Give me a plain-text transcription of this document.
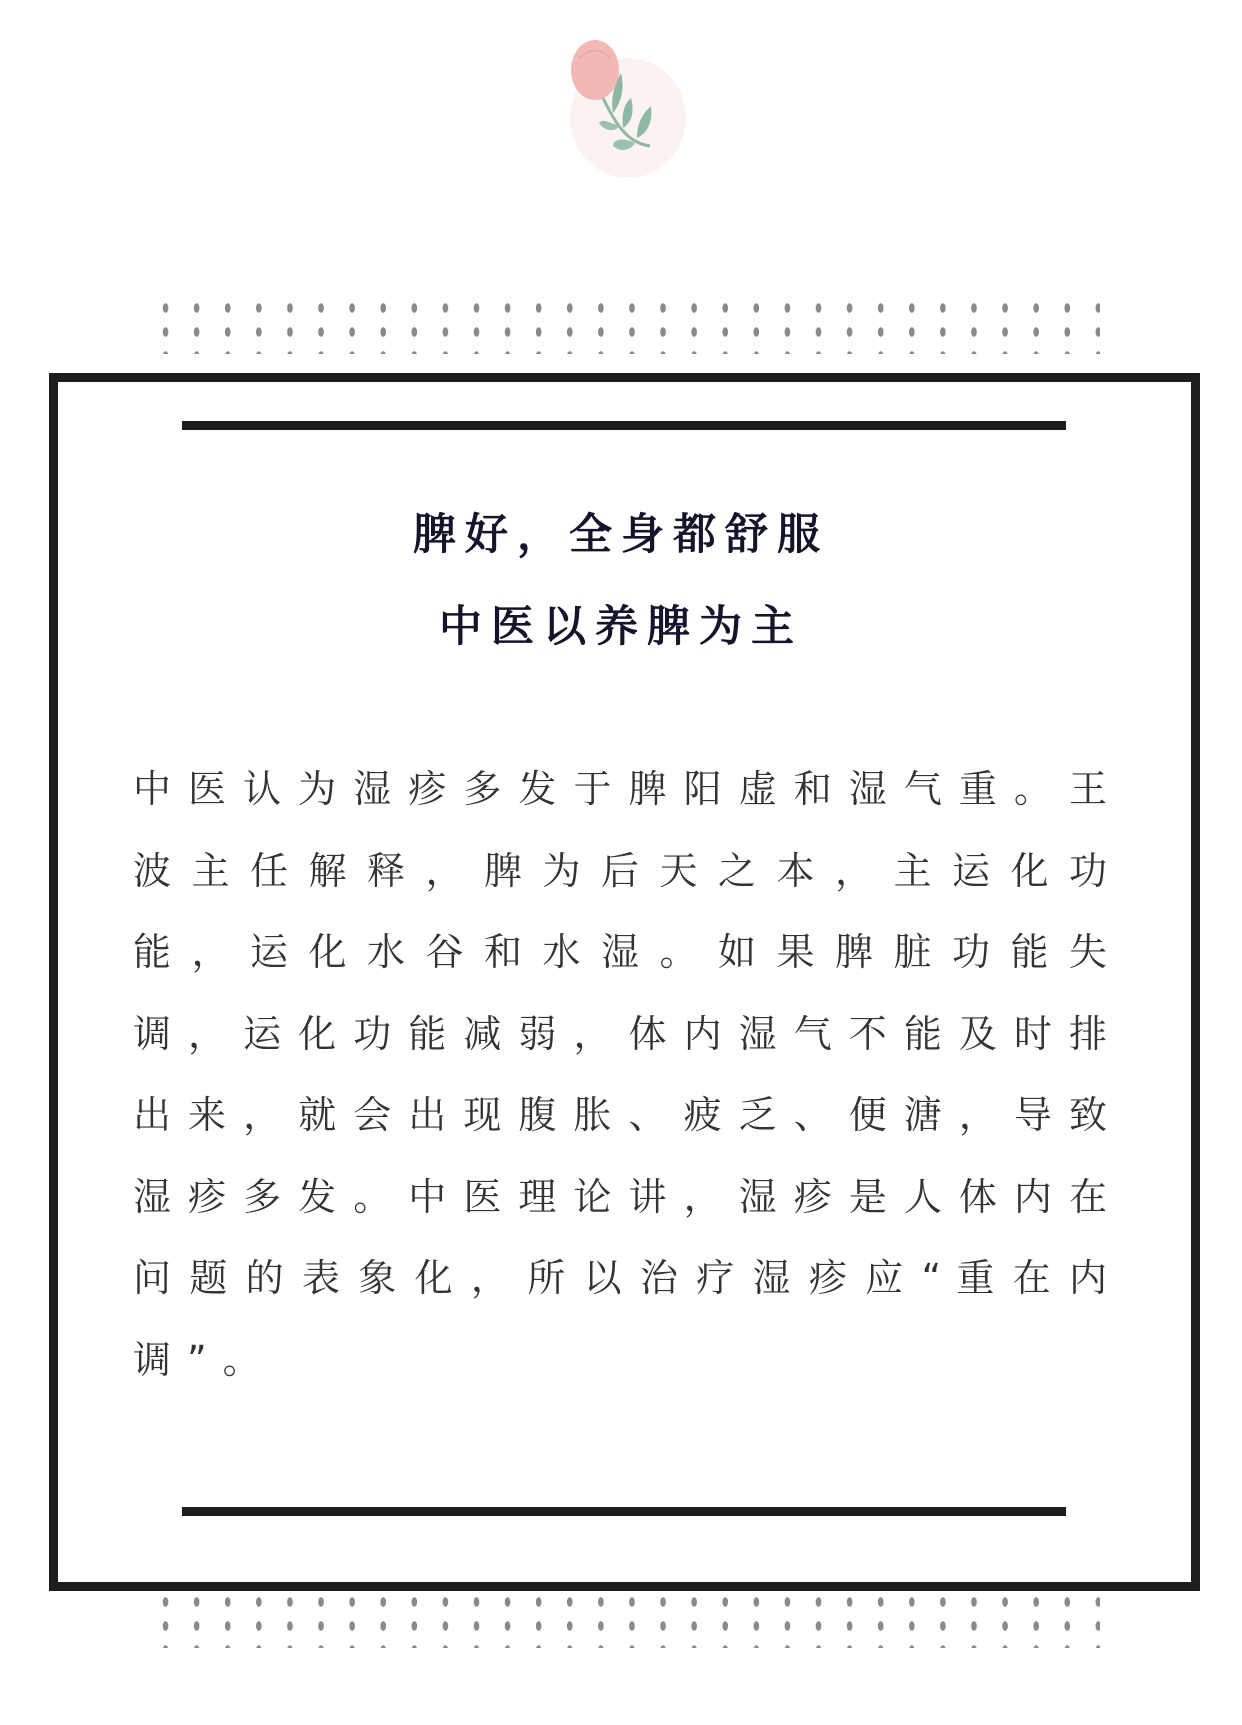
脾好，全身都舒服
中医以养脾为主
中 医 认 为 湿 疹 多 发 于 脾 阳 虚 和 湿 气 重 。 王
波 主 任 解 释 ， 脾 为 后 天 之 本 ， 主 运 化 功
能 ， 运 化 水 谷 和 水 湿 。 如 果 脾 脏 功 能 失
调 ， 运 化 功 能 减 弱 ， 体 内 湿 气 不 能 及 时 排
出 来 ， 就 会 出 现 腹 胀 、 疲 乏 、 便 溏 ， 导 致
湿 疹 多 发 。 中 医 理 论 讲 ， 湿 疹 是 人 体 内 在
问 题 的 表 象 化 ， 所 以 治 疗 湿 疹 应 “ 重 在 内
调”。
